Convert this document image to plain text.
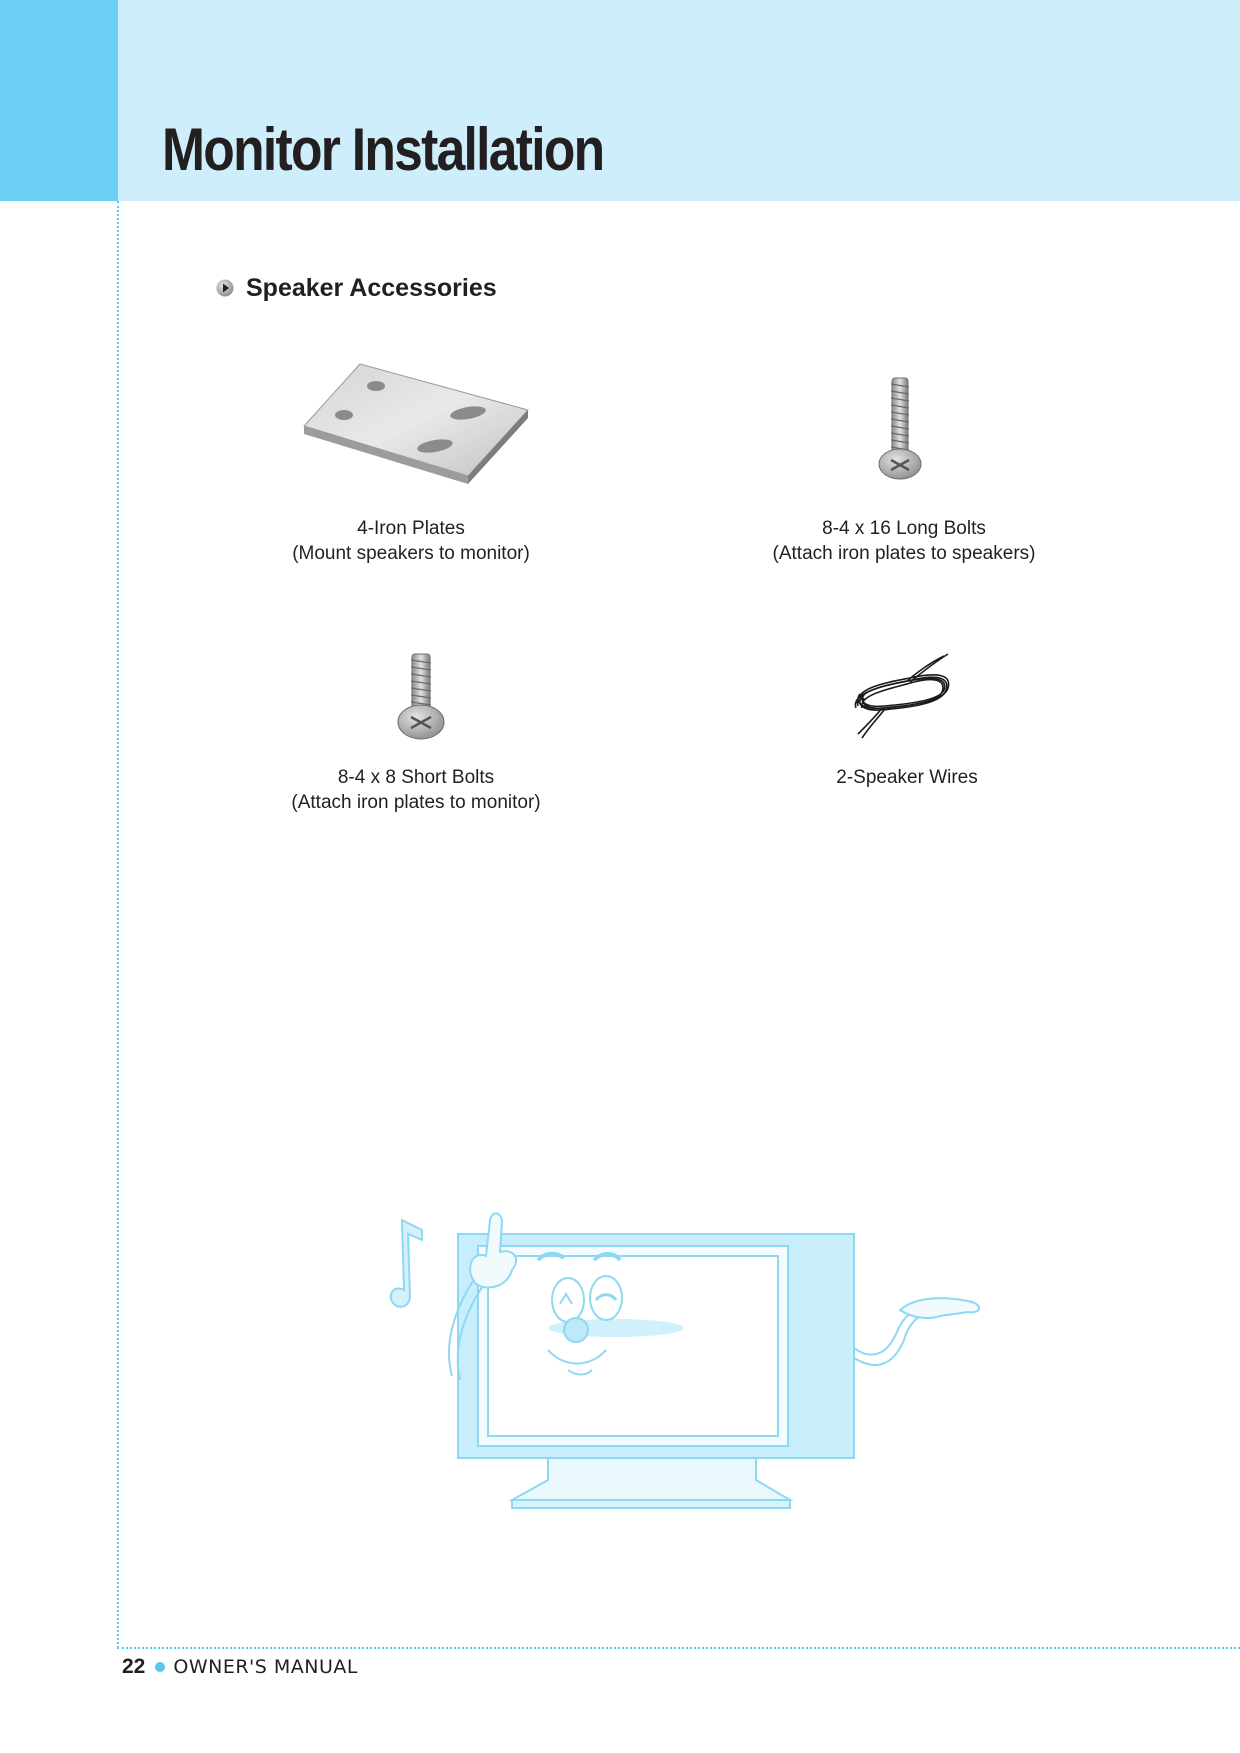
Monitor Installation
Speaker Accessories
4-Iron Plates
(Mount speakers to monitor)
8-4 x 16 Long Bolts
(Attach iron plates to speakers)
8-4 x 8 Short Bolts
(Attach iron plates to monitor)
2-Speaker Wires
22 OWNER'S MANUAL
